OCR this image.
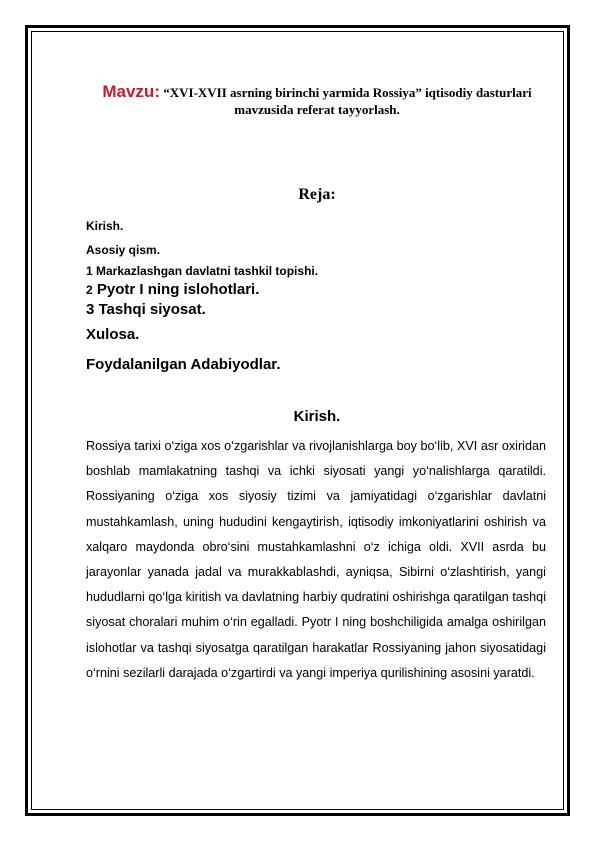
Mavzu: “XVI-XVII asrning birinchi yarmida Rossiya” iqtisodiy dasturlari mavzusida referat tayyorlash.
Reja:
Kirish.
Asosiy qism.
1 Markazlashgan davlatni tashkil topishi.
2 Pyotr I ning islohotlari.
3 Tashqi siyosat.
Xulosa.
Foydalanilgan Adabiyodlar.
Kirish.
Rossiya tarixi o‘ziga xos o‘zgarishlar va rivojlanishlarga boy bo‘lib, XVI asr oxiridan boshlab mamlakatning tashqi va ichki siyosati yangi yo‘nalishlarga qaratildi. Rossiyaning o‘ziga xos siyosiy tizimi va jamiyatidagi o‘zgarishlar davlatni mustahkamlash, uning hududini kengaytirish, iqtisodiy imkoniyatlarini oshirish va xalqaro maydonda obro‘sini mustahkamlashni o‘z ichiga oldi. XVII asrda bu jarayonlar yanada jadal va murakkablashdi, ayniqsa, Sibirni o‘zlashtirish, yangi hududlarni qo‘lga kiritish va davlatning harbiy qudratini oshirishga qaratilgan tashqi siyosat choralari muhim o‘rin egalladi. Pyotr I ning boshchiligida amalga oshirilgan islohotlar va tashqi siyosatga qaratilgan harakatlar Rossiyaning jahon siyosatidagi o‘rnini sezilarli darajada o‘zgartirdi va yangi imperiya qurilishining asosini yaratdi.
